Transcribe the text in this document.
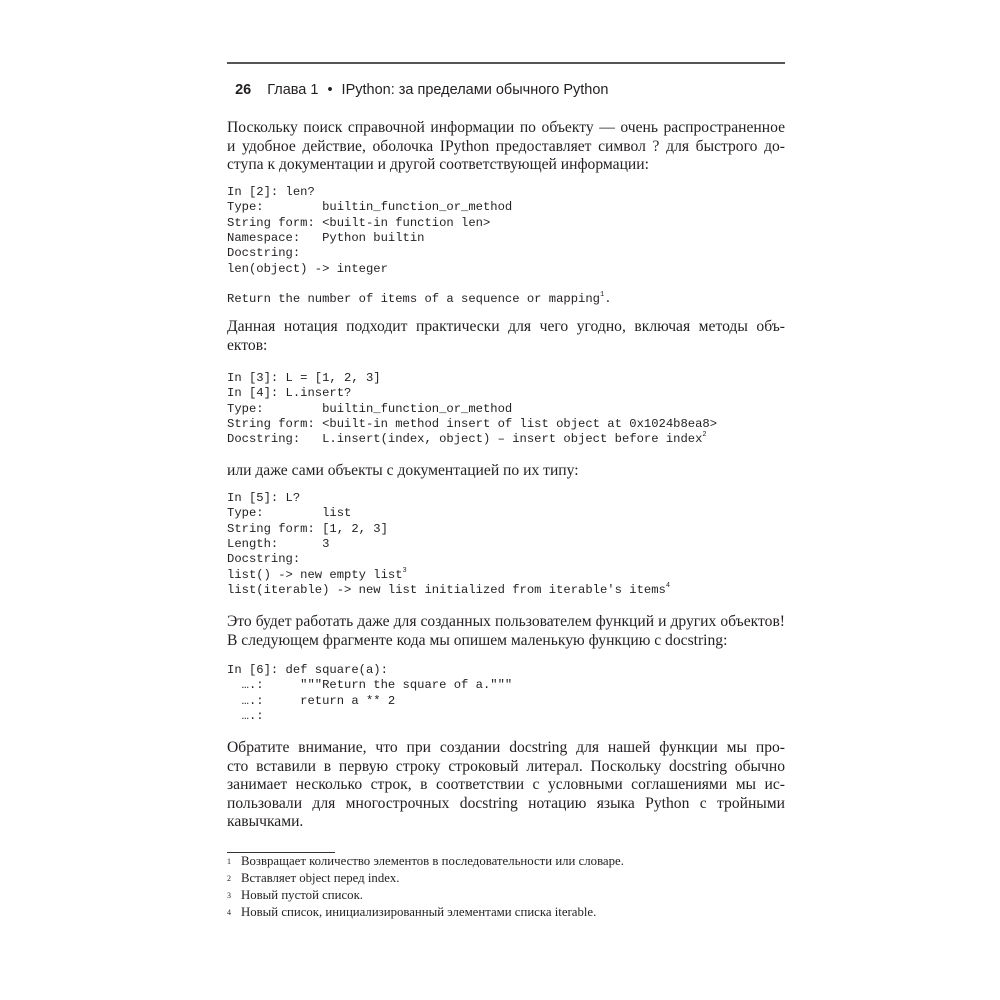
26 Глава 1 • IPython: за пределами обычного Python

Поскольку поиск справочной информации по объекту — очень распространенное
и удобное действие, оболочка IPython предоставляет символ ? для быстрого до-
ступа к документации и другой соответствующей информации:
In [2]: len?
Type:        builtin_function_or_method
String form: <built-in function len>
Namespace:   Python builtin
Docstring:
len(object) -> integer
Return the number of items of a sequence or mapping$^1$.
Данная нотация подходит практически для чего угодно, включая методы объ-
ектов:
In [3]: L = [1, 2, 3]
In [4]: L.insert?
Type:        builtin_function_or_method
String form: <built-in method insert of list object at 0x1024b8ea8>
Docstring:   L.insert(index, object) – insert object before index$^2$
или даже сами объекты с документацией по их типу:
In [5]: L?
Type:        list
String form: [1, 2, 3]
Length:      3
Docstring:
list() -> new empty list$^3$
list(iterable) -> new list initialized from iterable's items$^4$
Это будет работать даже для созданных пользователем функций и других объектов!
В следующем фрагменте кода мы опишем маленькую функцию с docstring:
In [6]: def square(a):
….:     """Return the square of a."""
….:     return a ** 2
….:
Обратите внимание, что при создании docstring для нашей функции мы про-
сто вставили в первую строку строковый литерал. Поскольку docstring обычно
занимает несколько строк, в соответствии с условными соглашениями мы ис-
пользовали для многострочных docstring нотацию языка Python с тройными
кавычками.
1 Возвращает количество элементов в последовательности или словаре.
2 Вставляет object перед index.
3 Новый пустой список.
4 Новый список, инициализированный элементами списка iterable.
